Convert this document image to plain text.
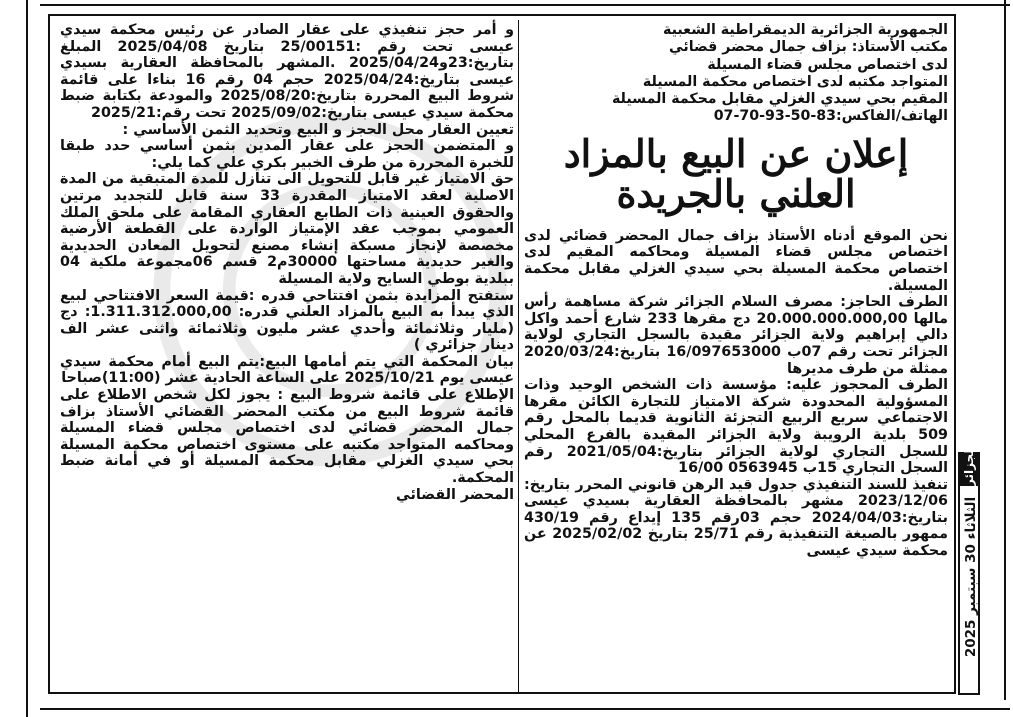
الجمهورية الجزائرية الديمقراطية الشعبية

مكتب الأستاذ: بزاف جمال محضر قضائي

لدى اختصاص مجلس قضاء المسيلة

المتواجد مكتبه لدى اختصاص محكمة المسيلة

المقيم بحي سيدي الغزلي مقابل محكمة المسيلة

الهاتف/الفاكس:83-50-93-70-07

إعلان عن البيع بالمزاد العلني بالجريدة

نحن الموقع أدناه الأستاذ بزاف جمال المحضر قضائي لدى اختصاص مجلس قضاء المسيلة ومحاكمه المقيم لدى اختصاص محكمة المسيلة بحي سيدي الغزلي مقابل محكمة المسيلة.

الطرف الحاجز: مصرف السلام الجزائر شركة مساهمة رأس مالها 20.000.000.000,00 دج مقرها 233 شارع أحمد واكل دالي إبراهيم ولاية الجزائر مقيدة بالسجل التجاري لولاية الجزائر تحت رقم 07ب 16/097653000 بتاريخ:2020/03/24 ممثلة من طرف مديرها

الطرف المحجوز عليه: مؤسسة ذات الشخص الوحيد وذات المسؤولية المحدودة شركة الامتياز للتجارة الكائن مقرها الاجتماعي سريع الربيع التجزئة الثانوية قديما بالمحل رقم 509 بلدية الرويبة ولاية الجزائر المقيدة بالفرع المحلي للسجل التجاري لولاية الجزائر بتاريخ:2021/05/04 رقم السجل التجاري 15ب 0563945 16/00

تنفيذ للسند التنفيذي جدول قيد الرهن قانوني المحرر بتاريخ: 2023/12/06 مشهر بالمحافظة العقارية بسيدي عيسى بتاريخ:2024/04/03 حجم 03رقم 135 إيداع رقم 430/19 ممهور بالصيغة التنفيذية رقم 25/71 بتاريخ 2025/02/02 عن محكمة سيدي عيسى

و أمر حجز تنفيذي على عقار الصادر عن رئيس محكمة سيدي عيسى تحت رقم :25/00151 بتاريخ 2025/04/08 المبلغ بتاريخ:23و2025/04/24 .المشهر بالمحافظة العقارية بسيدي عيسى بتاريخ:2025/04/24 حجم 04 رقم 16 بناءا على قائمة شروط البيع المحررة بتاريخ:2025/08/20 والمودعة بكتابة ضبط محكمة سيدي عيسى بتاريخ:2025/09/02 تحت رقم:2025/21

تعيين العقار محل الحجز و البيع وتحديد الثمن الأساسي :

و المتضمن الحجز على عقار المدين بثمن أساسي حدد طبقا للخبرة المحررة من طرف الخبير بكري علي كما يلي:

حق الامتياز غير قابل للتحويل الى تنازل للمدة المتبقية من المدة الاصلية لعقد الامتياز المقدرة 33 سنة قابل للتجديد مرتين والحقوق العينية ذات الطابع العقاري المقامة على ملحق الملك العمومي بموجب عقد الإمتياز الواردة على القطعة الأرضية مخصصة لإنجاز مسبكة إنشاء مصنع لتحويل المعادن الحديدية والغير حديدية مساحتها 30000م2 قسم 06مجموعة ملكية 04 ببلدية بوطي السايح ولاية المسيلة

ستفتح المزايدة بثمن افتتاحي قدره :قيمة السعر الافتتاحي لبيع الذي يبدأ به البيع بالمزاد العلني قدره: 1.311.312.000,00: دج (مليار وثلاثمائة وأحدي عشر مليون وثلاثمائة واثنى عشر الف دينار جزائري )

بيان المحكمة التي يتم أمامها البيع:يتم البيع أمام محكمة سيدي عيسى يوم 2025/10/21 على الساعة الحادية عشر (11:00)صباحا

الإطلاع على قائمة شروط البيع : يجوز لكل شخص الاطلاع على قائمة شروط البيع من مكتب المحضر القضائي الأستاذ بزاف جمال المحضر قضائي لدى اختصاص مجلس قضاء المسيلة ومحاكمه المتواجد مكتبه على مستوى اختصاص محكمة المسيلة بحي سيدي الغزلي مقابل محكمة المسيلة أو في أمانة ضبط المحكمة.

المحضر القضائي
الثلاثاء 30 سبتمبر 2025
الجزائر
